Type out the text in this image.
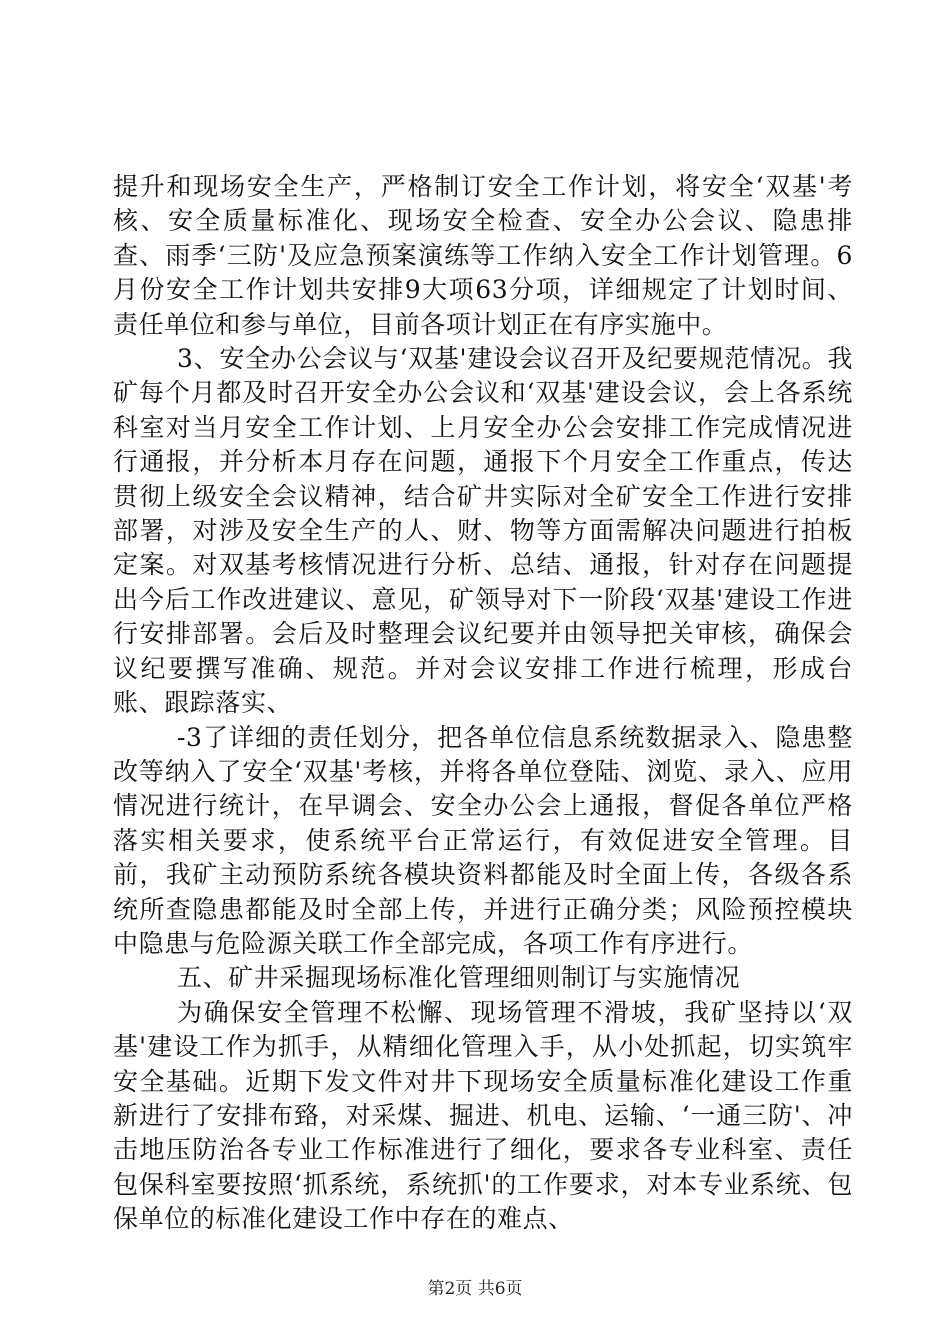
提升和现场安全生产，严格制订安全工作计划，将安全‘双基'考核、安全质量标准化、现场安全检查、安全办公会议、隐患排查、雨季‘三防'及应急预案演练等工作纳入安全工作计划管理。6月份安全工作计划共安排9大项63分项，详细规定了计划时间、责任单位和参与单位，目前各项计划正在有序实施中。

3、安全办公会议与‘双基'建设会议召开及纪要规范情况。我矿每个月都及时召开安全办公会议和‘双基'建设会议，会上各系统科室对当月安全工作计划、上月安全办公会安排工作完成情况进行通报，并分析本月存在问题，通报下个月安全工作重点，传达贯彻上级安全会议精神，结合矿井实际对全矿安全工作进行安排部署，对涉及安全生产的人、财、物等方面需解决问题进行拍板定案。对双基考核情况进行分析、总结、通报，针对存在问题提出今后工作改进建议、意见，矿领导对下一阶段‘双基'建设工作进行安排部署。会后及时整理会议纪要并由领导把关审核，确保会议纪要撰写准确、规范。并对会议安排工作进行梳理，形成台账、跟踪落实、

-3了详细的责任划分，把各单位信息系统数据录入、隐患整改等纳入了安全‘双基'考核，并将各单位登陆、浏览、录入、应用情况进行统计，在早调会、安全办公会上通报，督促各单位严格落实相关要求，使系统平台正常运行，有效促进安全管理。目前，我矿主动预防系统各模块资料都能及时全面上传，各级各系统所查隐患都能及时全部上传，并进行正确分类；风险预控模块中隐患与危险源关联工作全部完成，各项工作有序进行。

五、矿井采掘现场标准化管理细则制订与实施情况

为确保安全管理不松懈、现场管理不滑坡，我矿坚持以‘双基'建设工作为抓手，从精细化管理入手，从小处抓起，切实筑牢安全基础。近期下发文件对井下现场安全质量标准化建设工作重新进行了安排布臵，对采煤、掘进、机电、运输、‘一通三防'、冲击地压防治各专业工作标准进行了细化，要求各专业科室、责任包保科室要按照‘抓系统，系统抓'的工作要求，对本专业系统、包保单位的标准化建设工作中存在的难点、

第2页 共6页
